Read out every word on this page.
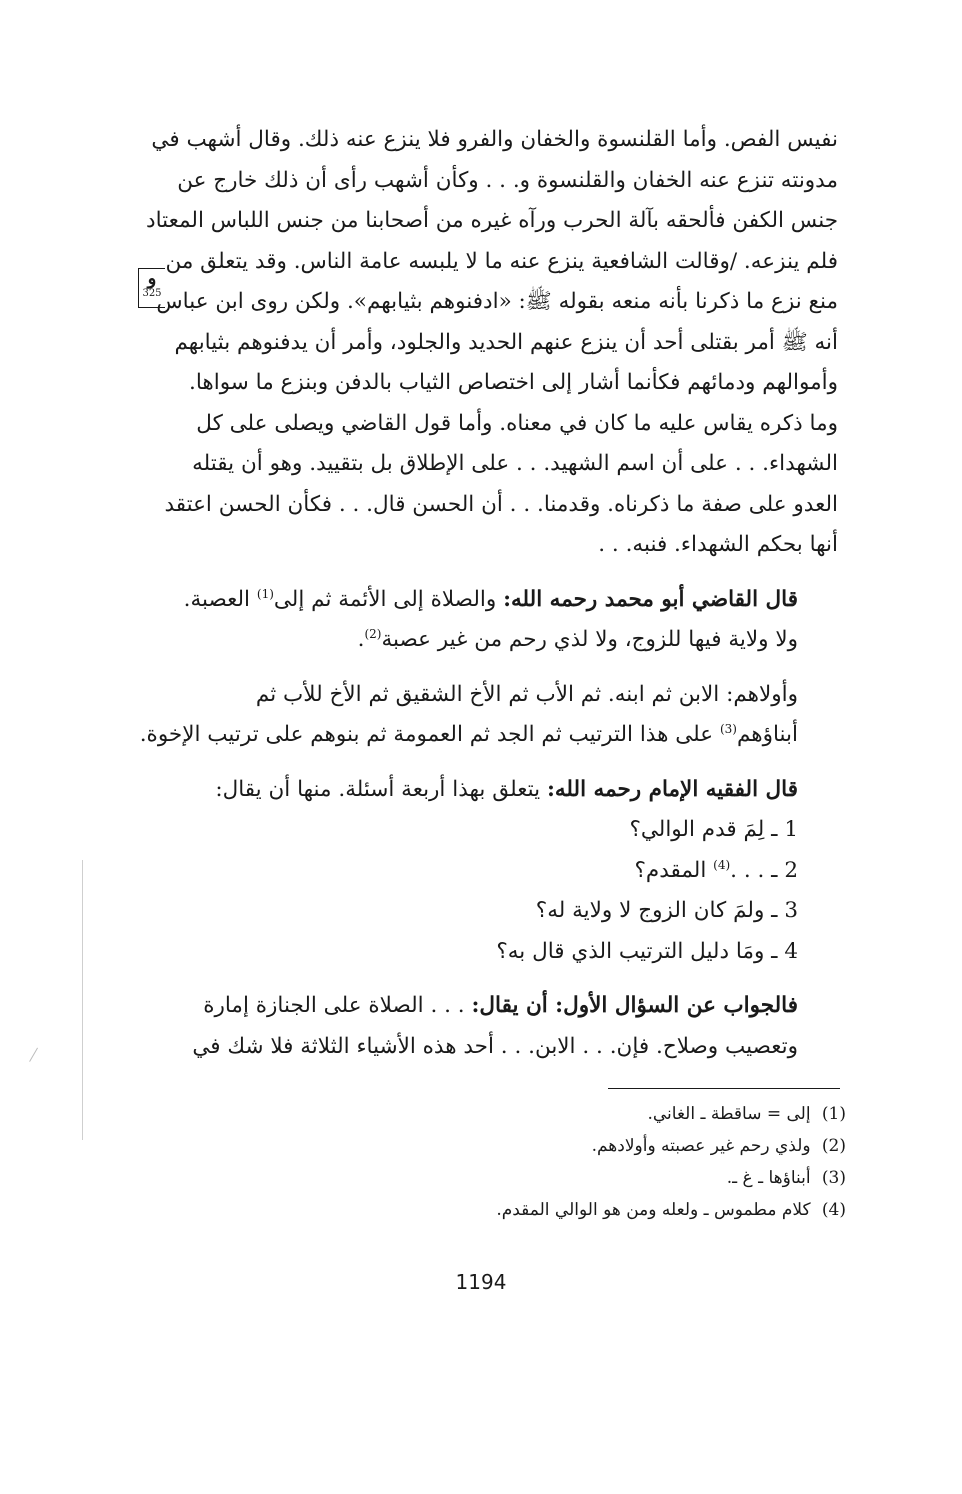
نفيس الفص. وأما القلنسوة والخفان والفرو فلا ينزع عنه ذلك. وقال أشهب في
مدونته تنزع عنه الخفان والقلنسوة و. . . وكأن أشهب رأى أن ذلك خارج عن
جنس الكفن فألحقه بآلة الحرب ورآه غيره من أصحابنا من جنس اللباس المعتاد
فلم ينزعه. /وقالت الشافعية ينزع عنه ما لا يلبسه عامة الناس. وقد يتعلق من
منع نزع ما ذكرنا بأنه منعه بقوله ﷺ: «ادفنوهم بثيابهم». ولكن روى ابن عباس
أنه ﷺ أمر بقتلى أحد أن ينزع عنهم الحديد والجلود، وأمر أن يدفنوهم بثيابهم
وأموالهم ودمائهم فكأنما أشار إلى اختصاص الثياب بالدفن وبنزع ما سواها.
وما ذكره يقاس عليه ما كان في معناه. وأما قول القاضي ويصلى على كل
الشهداء. . . على أن اسم الشهيد. . . على الإطلاق بل بتقييد. وهو أن يقتله
العدو على صفة ما ذكرناه. وقدمنا. . . أن الحسن قال. . . فكأن الحسن اعتقد
أنها بحكم الشهداء. فنبه. . .

قال القاضي أبو محمد رحمه الله: والصلاة إلى الأئمة ثم إلى$^{(1)}$ العصبة.
ولا ولاية فيها للزوج، ولا لذي رحم من غير عصبة$^{(2)}$.

وأولاهم: الابن ثم ابنه. ثم الأب ثم الأخ الشقيق ثم الأخ للأب ثم
أبناؤهم$^{(3)}$ على هذا الترتيب ثم الجد ثم العمومة ثم بنوهم على ترتيب الإخوة.

قال الفقيه الإمام رحمه الله: يتعلق بهذا أربعة أسئلة. منها أن يقال:

1 ـ لِمَ قدم الوالي؟
2 ـ . . .$^{(4)}$ المقدم؟
3 ـ ولمَ كان الزوج لا ولاية له؟
4 ـ ومَا دليل الترتيب الذي قال به؟

فالجواب عن السؤال الأول: أن يقال: . . . الصلاة على الجنازة إمارة
وتعصيب وصلاح. فإن. . . الابن. . . أحد هذه الأشياء الثلاثة فلا شك في

و
325

(1) إلى = ساقطة ـ الغاني.

(2) ولذي رحم غير عصبته وأولادهم.

(3) أبناؤها ـ غ ـ.

(4) كلام مطموس ـ ولعله ومن هو الوالي المقدم.

1194
